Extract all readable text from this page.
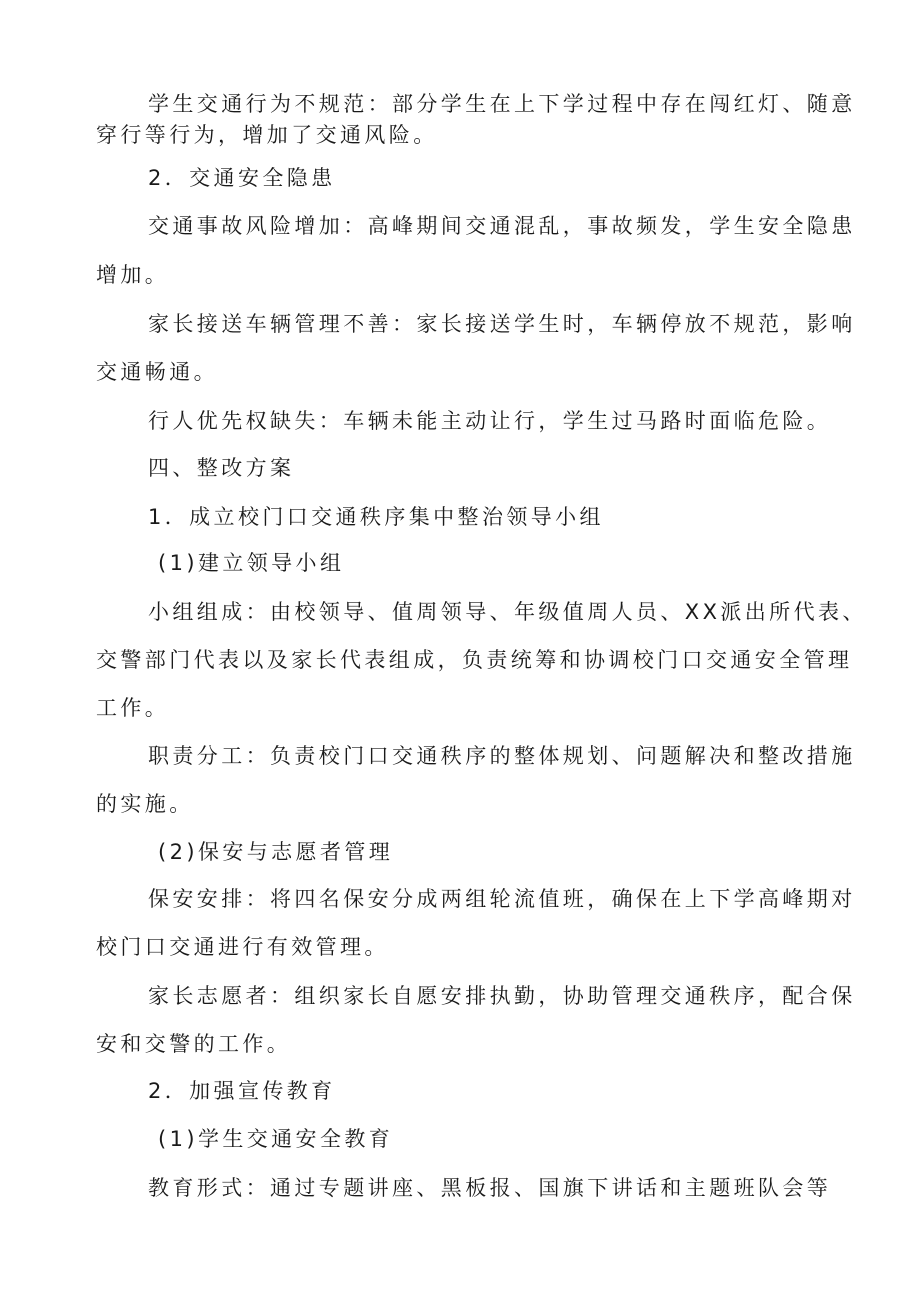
学生交通行为不规范：部分学生在上下学过程中存在闯红灯、随意

穿行等行为，增加了交通风险。

2．交通安全隐患

交通事故风险增加：高峰期间交通混乱，事故频发，学生安全隐患

增加。

家长接送车辆管理不善：家长接送学生时，车辆停放不规范，影响

交通畅通。

行人优先权缺失：车辆未能主动让行，学生过马路时面临危险。

四、整改方案

1．成立校门口交通秩序集中整治领导小组

(1)建立领导小组

小组组成：由校领导、值周领导、年级值周人员、XX派出所代表、

交警部门代表以及家长代表组成，负责统筹和协调校门口交通安全管理

工作。

职责分工：负责校门口交通秩序的整体规划、问题解决和整改措施

的实施。

(2)保安与志愿者管理

保安安排：将四名保安分成两组轮流值班，确保在上下学高峰期对

校门口交通进行有效管理。

家长志愿者：组织家长自愿安排执勤，协助管理交通秩序，配合保

安和交警的工作。

2．加强宣传教育

(1)学生交通安全教育

教育形式：通过专题讲座、黑板报、国旗下讲话和主题班队会等
